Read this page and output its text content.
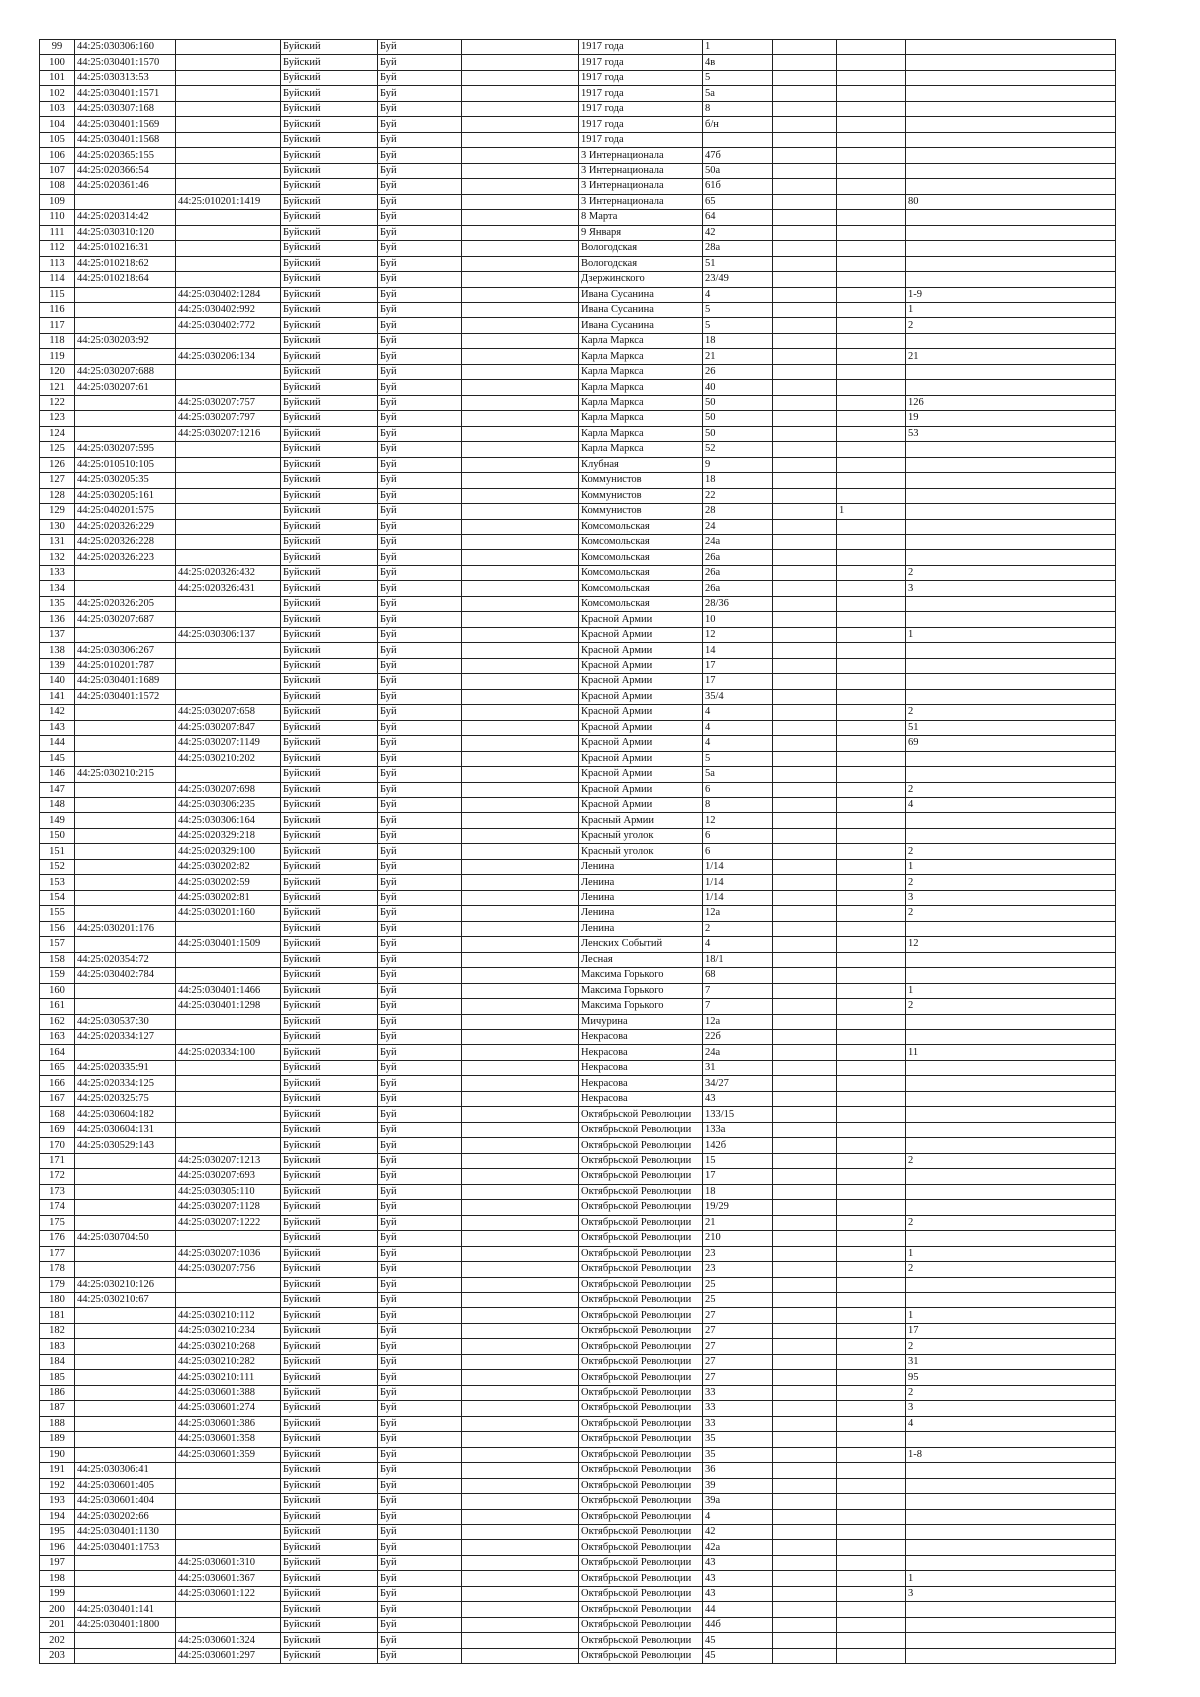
99	44:25:030306:160		Буйский	Буй		1917 года	1			
100	44:25:030401:1570		Буйский	Буй		1917 года	4в			
101	44:25:030313:53		Буйский	Буй		1917 года	5			
102	44:25:030401:1571		Буйский	Буй		1917 года	5а			
103	44:25:030307:168		Буйский	Буй		1917 года	8			
104	44:25:030401:1569		Буйский	Буй		1917 года	б/н			
105	44:25:030401:1568		Буйский	Буй		1917 года				
106	44:25:020365:155		Буйский	Буй		3 Интернационала	47б			
107	44:25:020366:54		Буйский	Буй		3 Интернационала	50а			
108	44:25:020361:46		Буйский	Буй		3 Интернационала	61б			
109		44:25:010201:1419	Буйский	Буй		3 Интернационала	65			80
110	44:25:020314:42		Буйский	Буй		8 Марта	64			
111	44:25:030310:120		Буйский	Буй		9 Января	42			
112	44:25:010216:31		Буйский	Буй		Вологодская	28а			
113	44:25:010218:62		Буйский	Буй		Вологодская	51			
114	44:25:010218:64		Буйский	Буй		Дзержинского	23/49			
115		44:25:030402:1284	Буйский	Буй		Ивана Сусанина	4			1-9
116		44:25:030402:992	Буйский	Буй		Ивана Сусанина	5			1
117		44:25:030402:772	Буйский	Буй		Ивана Сусанина	5			2
118	44:25:030203:92		Буйский	Буй		Карла Маркса	18			
119		44:25:030206:134	Буйский	Буй		Карла Маркса	21			21
120	44:25:030207:688		Буйский	Буй		Карла Маркса	26			
121	44:25:030207:61		Буйский	Буй		Карла Маркса	40			
122		44:25:030207:757	Буйский	Буй		Карла Маркса	50			126
123		44:25:030207:797	Буйский	Буй		Карла Маркса	50			19
124		44:25:030207:1216	Буйский	Буй		Карла Маркса	50			53
125	44:25:030207:595		Буйский	Буй		Карла Маркса	52			
126	44:25:010510:105		Буйский	Буй		Клубная	9			
127	44:25:030205:35		Буйский	Буй		Коммунистов	18			
128	44:25:030205:161		Буйский	Буй		Коммунистов	22			
129	44:25:040201:575		Буйский	Буй		Коммунистов	28		1	
130	44:25:020326:229		Буйский	Буй		Комсомольская	24			
131	44:25:020326:228		Буйский	Буй		Комсомольская	24а			
132	44:25:020326:223		Буйский	Буй		Комсомольская	26а			
133		44:25:020326:432	Буйский	Буй		Комсомольская	26а			2
134		44:25:020326:431	Буйский	Буй		Комсомольская	26а			3
135	44:25:020326:205		Буйский	Буй		Комсомольская	28/36			
136	44:25:030207:687		Буйский	Буй		Красной Армии	10			
137		44:25:030306:137	Буйский	Буй		Красной Армии	12			1
138	44:25:030306:267		Буйский	Буй		Красной Армии	14			
139	44:25:010201:787		Буйский	Буй		Красной Армии	17			
140	44:25:030401:1689		Буйский	Буй		Красной Армии	17			
141	44:25:030401:1572		Буйский	Буй		Красной Армии	35/4			
142		44:25:030207:658	Буйский	Буй		Красной Армии	4			2
143		44:25:030207:847	Буйский	Буй		Красной Армии	4			51
144		44:25:030207:1149	Буйский	Буй		Красной Армии	4			69
145		44:25:030210:202	Буйский	Буй		Красной Армии	5			
146	44:25:030210:215		Буйский	Буй		Красной Армии	5а			
147		44:25:030207:698	Буйский	Буй		Красной Армии	6			2
148		44:25:030306:235	Буйский	Буй		Красной Армии	8			4
149		44:25:030306:164	Буйский	Буй		Красный Армии	12			
150		44:25:020329:218	Буйский	Буй		Красный уголок	6			
151		44:25:020329:100	Буйский	Буй		Красный уголок	6			2
152		44:25:030202:82	Буйский	Буй		Ленина	1/14			1
153		44:25:030202:59	Буйский	Буй		Ленина	1/14			2
154		44:25:030202:81	Буйский	Буй		Ленина	1/14			3
155		44:25:030201:160	Буйский	Буй		Ленина	12а			2
156	44:25:030201:176		Буйский	Буй		Ленина	2			
157		44:25:030401:1509	Буйский	Буй		Ленских Событий	4			12
158	44:25:020354:72		Буйский	Буй		Лесная	18/1			
159	44:25:030402:784		Буйский	Буй		Максима Горького	68			
160		44:25:030401:1466	Буйский	Буй		Максима Горького	7			1
161		44:25:030401:1298	Буйский	Буй		Максима Горького	7			2
162	44:25:030537:30		Буйский	Буй		Мичурина	12а			
163	44:25:020334:127		Буйский	Буй		Некрасова	22б			
164		44:25:020334:100	Буйский	Буй		Некрасова	24а			11
165	44:25:020335:91		Буйский	Буй		Некрасова	31			
166	44:25:020334:125		Буйский	Буй		Некрасова	34/27			
167	44:25:020325:75		Буйский	Буй		Некрасова	43			
168	44:25:030604:182		Буйский	Буй		Октябрьской Революции	133/15			
169	44:25:030604:131		Буйский	Буй		Октябрьской Революции	133а			
170	44:25:030529:143		Буйский	Буй		Октябрьской Революции	142б			
171		44:25:030207:1213	Буйский	Буй		Октябрьской Революции	15			2
172		44:25:030207:693	Буйский	Буй		Октябрьской Революции	17			
173		44:25:030305:110	Буйский	Буй		Октябрьской Революции	18			
174		44:25:030207:1128	Буйский	Буй		Октябрьской Революции	19/29			
175		44:25:030207:1222	Буйский	Буй		Октябрьской Революции	21			2
176	44:25:030704:50		Буйский	Буй		Октябрьской Революции	210			
177		44:25:030207:1036	Буйский	Буй		Октябрьской Революции	23			1
178		44:25:030207:756	Буйский	Буй		Октябрьской Революции	23			2
179	44:25:030210:126		Буйский	Буй		Октябрьской Революции	25			
180	44:25:030210:67		Буйский	Буй		Октябрьской Революции	25			
181		44:25:030210:112	Буйский	Буй		Октябрьской Революции	27			1
182		44:25:030210:234	Буйский	Буй		Октябрьской Революции	27			17
183		44:25:030210:268	Буйский	Буй		Октябрьской Революции	27			2
184		44:25:030210:282	Буйский	Буй		Октябрьской Революции	27			31
185		44:25:030210:111	Буйский	Буй		Октябрьской Революции	27			95
186		44:25:030601:388	Буйский	Буй		Октябрьской Революции	33			2
187		44:25:030601:274	Буйский	Буй		Октябрьской Революции	33			3
188		44:25:030601:386	Буйский	Буй		Октябрьской Революции	33			4
189		44:25:030601:358	Буйский	Буй		Октябрьской Революции	35			
190		44:25:030601:359	Буйский	Буй		Октябрьской Революции	35			1-8
191	44:25:030306:41		Буйский	Буй		Октябрьской Революции	36			
192	44:25:030601:405		Буйский	Буй		Октябрьской Революции	39			
193	44:25:030601:404		Буйский	Буй		Октябрьской Революции	39а			
194	44:25:030202:66		Буйский	Буй		Октябрьской Революции	4			
195	44:25:030401:1130		Буйский	Буй		Октябрьской Революции	42			
196	44:25:030401:1753		Буйский	Буй		Октябрьской Революции	42а			
197		44:25:030601:310	Буйский	Буй		Октябрьской Революции	43			
198		44:25:030601:367	Буйский	Буй		Октябрьской Революции	43			1
199		44:25:030601:122	Буйский	Буй		Октябрьской Революции	43			3
200	44:25:030401:141		Буйский	Буй		Октябрьской Революции	44			
201	44:25:030401:1800		Буйский	Буй		Октябрьской Революции	44б			
202		44:25:030601:324	Буйский	Буй		Октябрьской Революции	45			
203		44:25:030601:297	Буйский	Буй		Октябрьской Революции	45			
